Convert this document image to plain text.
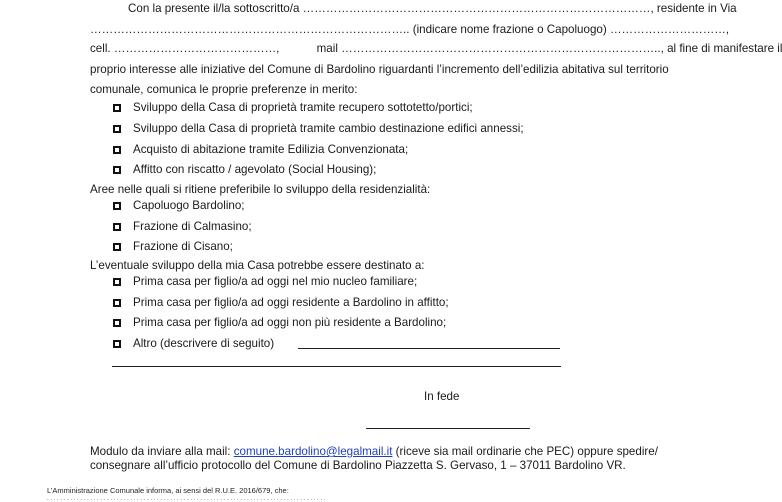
Con la presente il/la sottoscritto/a ………………………………………………………………………………, residente in Via
……………………………………………………………………….. (indicare nome frazione o Capoluogo) …………………………,
cell. ……………………………………,	mail ……………………………………………………………………….., al fine di manifestare il
proprio interesse alle iniziative del Comune di Bardolino riguardanti l’incremento dell’edilizia abitativa sul territorio
comunale, comunica le proprie preferenze in merito:
Sviluppo della Casa di proprietà tramite recupero sottotetto/portici;
Sviluppo della Casa di proprietà tramite cambio destinazione edifici annessi;
Acquisto di abitazione tramite Edilizia Convenzionata;
Affitto con riscatto / agevolato (Social Housing);
Aree nelle quali si ritiene preferibile lo sviluppo della residenzialità:
Capoluogo Bardolino;
Frazione di Calmasino;
Frazione di Cisano;
L’eventuale sviluppo della mia Casa potrebbe essere destinato a:
Prima casa per figlio/a ad oggi nel mio nucleo familiare;
Prima casa per figlio/a ad oggi residente a Bardolino in affitto;
Prima casa per figlio/a ad oggi non più residente a Bardolino;
Altro (descrivere di seguito)
In fede
Modulo da inviare alla mail: comune.bardolino@legalmail.it (riceve sia mail ordinarie che PEC) oppure spedire/
consegnare all’ufficio protocollo del Comune di Bardolino Piazzetta S. Gervaso, 1 – 37011 Bardolino VR.
L’Amministrazione Comunale informa, ai sensi del R.U.E. 2016/679, che:
. . . . . . . . . . . . . . . . . . . . . . . . . . . . . . . . . . . . . . . . . . . . . . . . . . . . . . . . . . . . . . . . . . . . . . . . . . . . . . . . . . . .
